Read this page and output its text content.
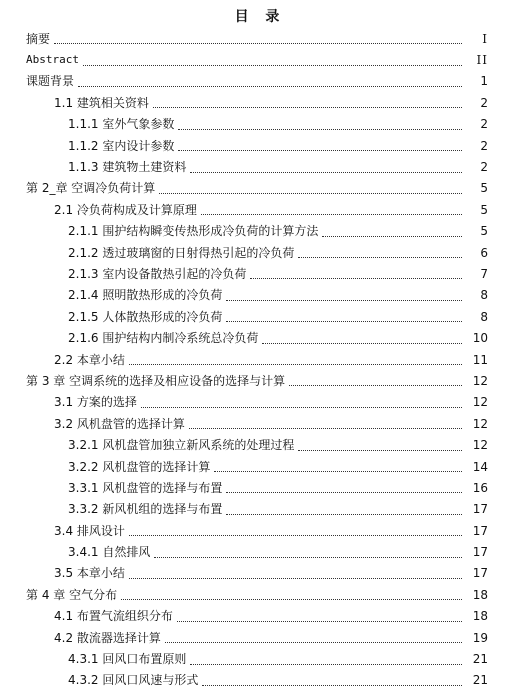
目 录
摘要	I
Abstract	II
课题背景	1
1.1 建筑相关资料	2
1.1.1 室外气象参数	2
1.1.2 室内设计参数	2
1.1.3 建筑物土建资料	2
第 2_章 空调冷负荷计算	5
2.1 冷负荷构成及计算原理	5
2.1.1 围护结构瞬变传热形成冷负荷的计算方法	5
2.1.2 透过玻璃窗的日射得热引起的冷负荷	6
2.1.3 室内设备散热引起的冷负荷	7
2.1.4 照明散热形成的冷负荷	8
2.1.5 人体散热形成的冷负荷	8
2.1.6 围护结构内制冷系统总冷负荷	10
2.2 本章小结	11
第 3 章 空调系统的选择及相应设备的选择与计算	12
3.1 方案的选择	12
3.2 风机盘管的选择计算	12
3.2.1 风机盘管加独立新风系统的处理过程	12
3.2.2 风机盘管的选择计算	14
3.3.1 风机盘管的选择与布置	16
3.3.2 新风机组的选择与布置	17
3.4 排风设计	17
3.4.1 自然排风	17
3.5 本章小结	17
第 4 章 空气分布	18
4.1 布置气流组织分布	18
4.2 散流器选择计算	19
4.3.1 回风口布置原则	21
4.3.2 回风口风速与形式	21
